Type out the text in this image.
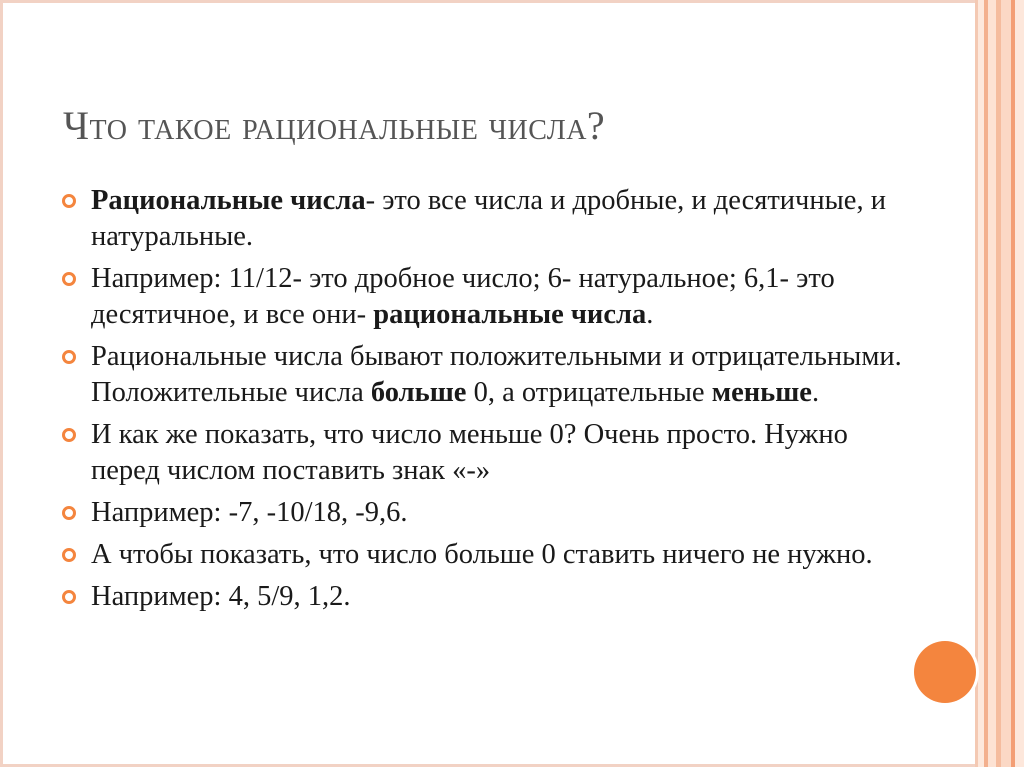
Что такое рациональные числа?
Рациональные числа- это все числа и дробные, и десятичные, и натуральные.
Например: 11/12- это дробное число; 6- натуральное; 6,1- это десятичное, и все они- рациональные числа.
Рациональные числа бывают положительными и отрицательными. Положительные числа больше 0, а отрицательные меньше.
И как же показать, что число меньше 0? Очень просто. Нужно перед числом поставить знак «-»
Например: -7, -10/18, -9,6.
А чтобы показать, что число больше 0 ставить ничего не нужно.
Например: 4, 5/9, 1,2.
